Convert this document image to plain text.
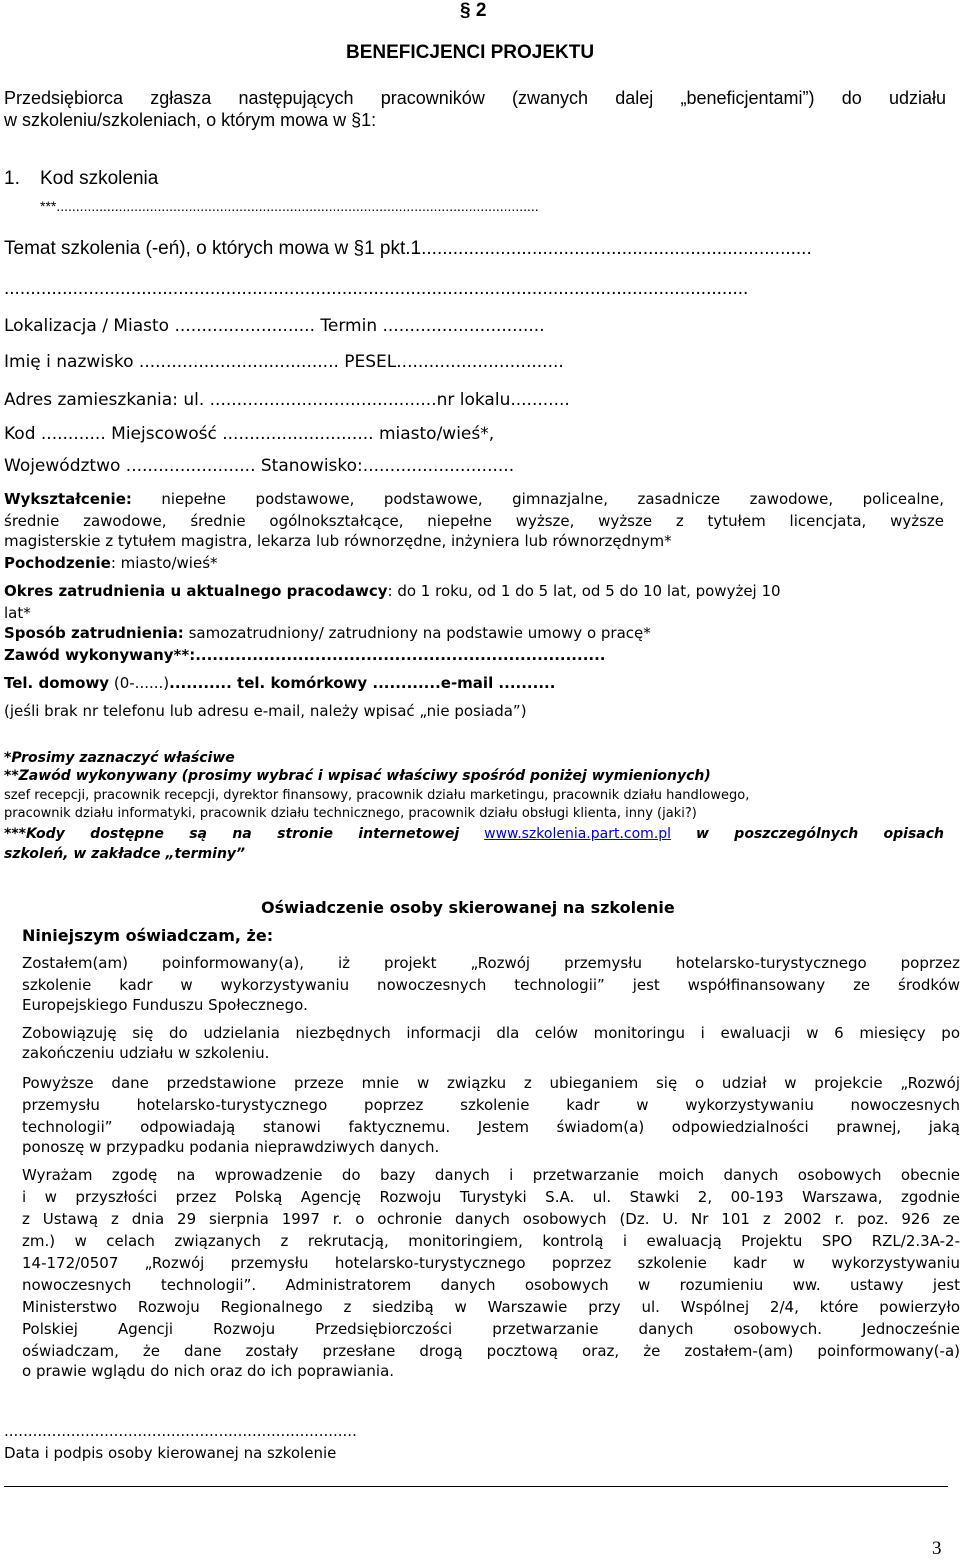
§ 2
BENEFICJENCI PROJEKTU
Przedsiębiorca zgłasza następujących pracowników (zwanych dalej „beneficjentami”) do udziału
w szkoleniu/szkoleniach, o którym mowa w §1:
1. Kod szkolenia
***............................................................................................................................
Temat szkolenia (-eń), o których mowa w §1 pkt.1..........................................................................
.............................................................................................................................................
Lokalizacja / Miasto .......................... Termin ..............................
Imię i nazwisko ..................................... PESEL...............................
Adres zamieszkania: ul. ..........................................nr lokalu...........
Kod ............ Miejscowość ............................ miasto/wieś*,
Województwo ........................ Stanowisko:............................
Wykształcenie: niepełne podstawowe, podstawowe, gimnazjalne, zasadnicze zawodowe, policealne,
średnie zawodowe, średnie ogólnokształcące, niepełne wyższe, wyższe z tytułem licencjata, wyższe
magisterskie z tytułem magistra, lekarza lub równorzędne, inżyniera lub równorzędnym*
Pochodzenie: miasto/wieś*
Okres zatrudnienia u aktualnego pracodawcy: do 1 roku, od 1 do 5 lat, od 5 do 10 lat, powyżej 10
lat*
Sposób zatrudnienia: samozatrudniony/ zatrudniony na podstawie umowy o pracę*
Zawód wykonywany**:........................................................................
Tel. domowy (0-......)........... tel. komórkowy ............e-mail ..........
(jeśli brak nr telefonu lub adresu e-mail, należy wpisać „nie posiada”)
*Prosimy zaznaczyć właściwe
**Zawód wykonywany (prosimy wybrać i wpisać właściwy spośród poniżej wymienionych)
szef recepcji, pracownik recepcji, dyrektor finansowy, pracownik działu marketingu, pracownik działu handlowego,
pracownik działu informatyki, pracownik działu technicznego, pracownik działu obsługi klienta, inny (jaki?)
***Kody dostępne są na stronie internetowej www.szkolenia.part.com.pl w poszczególnych opisach
szkoleń, w zakładce „terminy”
Oświadczenie osoby skierowanej na szkolenie
Niniejszym oświadczam, że:
Zostałem(am) poinformowany(a), iż projekt „Rozwój przemysłu hotelarsko-turystycznego poprzez
szkolenie kadr w wykorzystywaniu nowoczesnych technologii” jest współfinansowany ze środków
Europejskiego Funduszu Społecznego.
Zobowiązuję się do udzielania niezbędnych informacji dla celów monitoringu i ewaluacji w 6 miesięcy po
zakończeniu udziału w szkoleniu.
Powyższe dane przedstawione przeze mnie w związku z ubieganiem się o udział w projekcie „Rozwój
przemysłu hotelarsko-turystycznego poprzez szkolenie kadr w wykorzystywaniu nowoczesnych
technologii” odpowiadają stanowi faktycznemu. Jestem świadom(a) odpowiedzialności prawnej, jaką
ponoszę w przypadku podania nieprawdziwych danych.
Wyrażam zgodę na wprowadzenie do bazy danych i przetwarzanie moich danych osobowych obecnie
i w przyszłości przez Polską Agencję Rozwoju Turystyki S.A. ul. Stawki 2, 00-193 Warszawa, zgodnie
z Ustawą z dnia 29 sierpnia 1997 r. o ochronie danych osobowych (Dz. U. Nr 101 z 2002 r. poz. 926 ze
zm.) w celach związanych z rekrutacją, monitoringiem, kontrolą i ewaluacją Projektu SPO RZL/2.3A-2-
14-172/0507 „Rozwój przemysłu hotelarsko-turystycznego poprzez szkolenie kadr w wykorzystywaniu
nowoczesnych technologii”. Administratorem danych osobowych w rozumieniu ww. ustawy jest
Ministerstwo Rozwoju Regionalnego z siedzibą w Warszawie przy ul. Wspólnej 2/4, które powierzyło
Polskiej Agencji Rozwoju Przedsiębiorczości przetwarzanie danych osobowych. Jednocześnie
oświadczam, że dane zostały przesłane drogą pocztową oraz, że zostałem-(am) poinformowany(-a)
o prawie wglądu do nich oraz do ich poprawiania.
..........................................................................
Data i podpis osoby kierowanej na szkolenie
3
